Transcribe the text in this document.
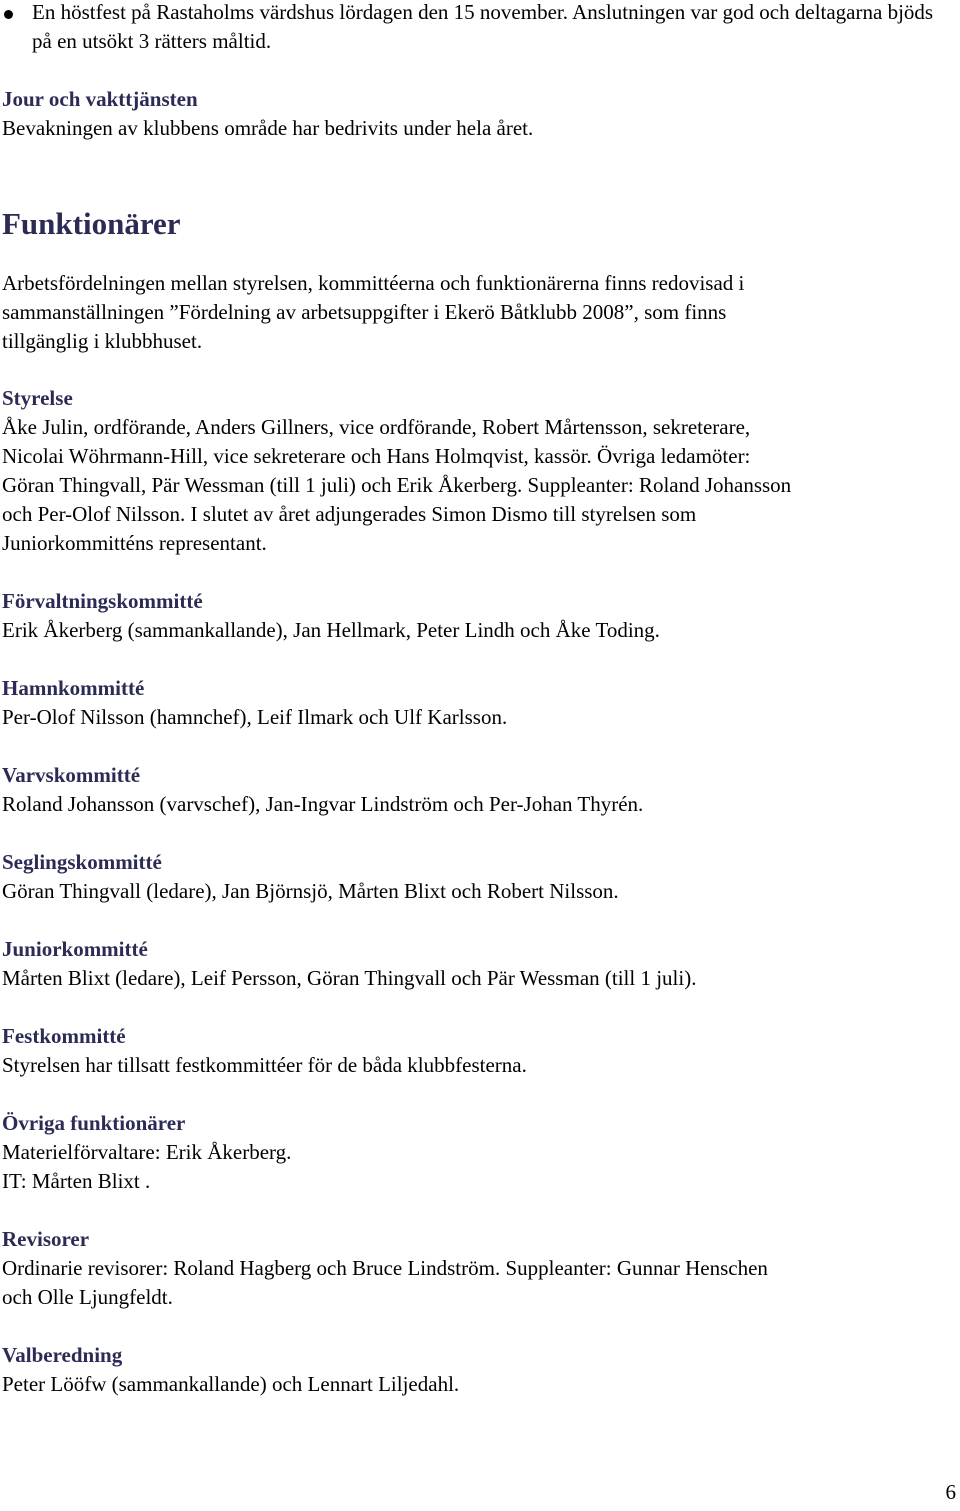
En höstfest på Rastaholms värdshus lördagen den 15 november. Anslutningen var god och deltagarna bjöds på en utsökt 3 rätters måltid.

Jour och vakttjänsten

Bevakningen av klubbens område har bedrivits under hela året.

Funktionärer

Arbetsfördelningen mellan styrelsen, kommittéerna och funktionärerna finns redovisad i

sammanställningen ”Fördelning av arbetsuppgifter i Ekerö Båtklubb 2008”, som finns

tillgänglig i klubbhuset.

Styrelse

Åke Julin, ordförande, Anders Gillners, vice ordförande, Robert Mårtensson, sekreterare,

Nicolai Wöhrmann-Hill, vice sekreterare och Hans Holmqvist, kassör. Övriga ledamöter:

Göran Thingvall, Pär Wessman (till 1 juli) och Erik Åkerberg. Suppleanter: Roland Johansson

och Per-Olof Nilsson. I slutet av året adjungerades Simon Dismo till styrelsen som

Juniorkommitténs representant.

Förvaltningskommitté

Erik Åkerberg (sammankallande), Jan Hellmark, Peter Lindh och Åke Toding.

Hamnkommitté

Per-Olof Nilsson (hamnchef), Leif Ilmark och Ulf Karlsson.

Varvskommitté

Roland Johansson (varvschef), Jan-Ingvar Lindström och Per-Johan Thyrén.

Seglingskommitté

Göran Thingvall (ledare), Jan Björnsjö, Mårten Blixt och Robert Nilsson.

Juniorkommitté

Mårten Blixt (ledare), Leif Persson, Göran Thingvall och Pär Wessman (till 1 juli).

Festkommitté

Styrelsen har tillsatt festkommittéer för de båda klubbfesterna.

Övriga funktionärer

Materielförvaltare: Erik Åkerberg.

IT: Mårten Blixt .

Revisorer

Ordinarie revisorer: Roland Hagberg och Bruce Lindström. Suppleanter: Gunnar Henschen

och Olle Ljungfeldt.

Valberedning

Peter Lööfw (sammankallande) och Lennart Liljedahl.

6
